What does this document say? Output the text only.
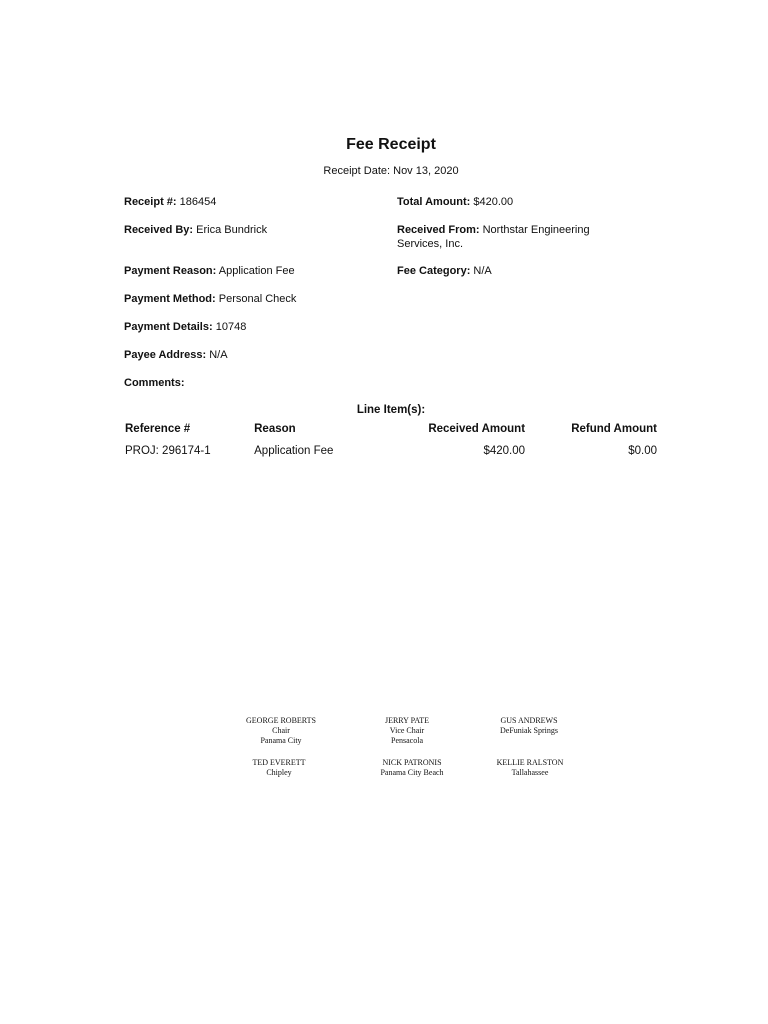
Fee Receipt
Receipt Date: Nov 13, 2020
Receipt #: 186454
Received By: Erica Bundrick
Payment Reason: Application Fee
Payment Method: Personal Check
Payment Details: 10748
Payee Address: N/A
Comments:
Total Amount: $420.00
Received From: Northstar Engineering Services, Inc.
Fee Category: N/A
Line Item(s):
Reference #	Reason	Received Amount	Refund Amount
PROJ: 296174-1	Application Fee	$420.00	$0.00
GEORGE ROBERTS
Chair
Panama City
JERRY PATE
Vice Chair
Pensacola
GUS ANDREWS
DeFuniak Springs
TED EVERETT
Chipley
NICK PATRONIS
Panama City Beach
KELLIE RALSTON
Tallahassee
